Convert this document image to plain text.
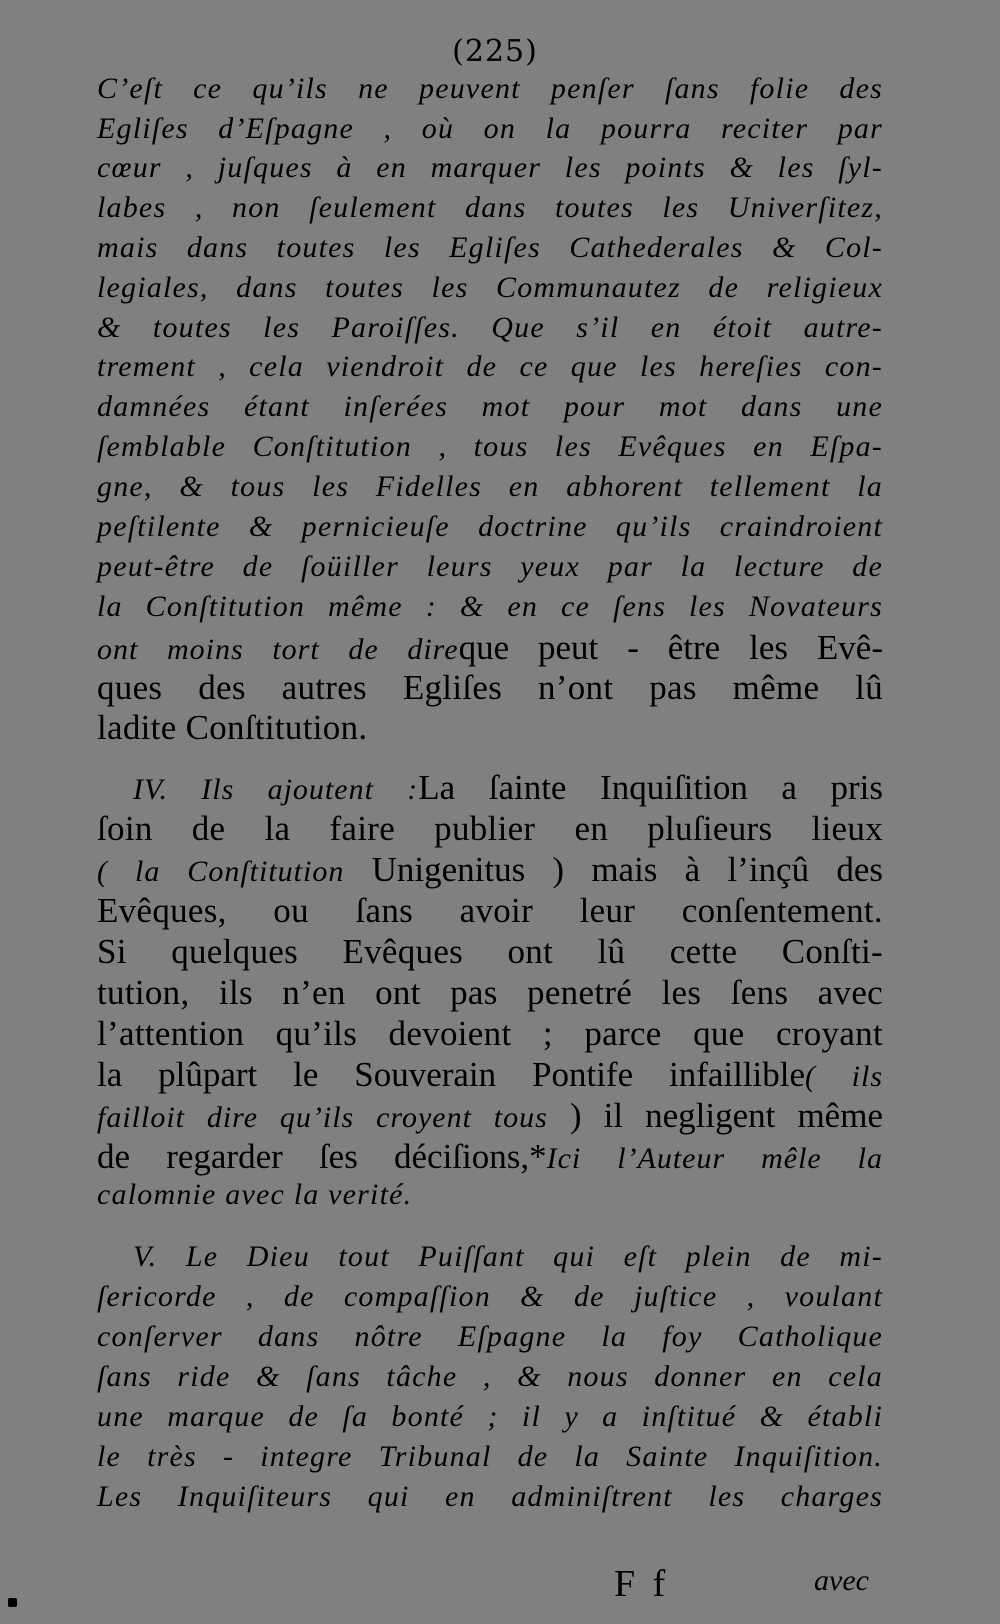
(225)
C’eſt ce qu’ils ne peuvent penſer ſans folie des
Egliſes d’Eſpagne , où on la pourra reciter par
cœur , juſques à en marquer les points & les ſyl-
labes , non ſeulement dans toutes les Univerſitez,
mais dans toutes les Egliſes Cathederales & Col-
legiales, dans toutes les Communautez de religieux
& toutes les Paroiſſes. Que s’il en étoit autre-
trement , cela viendroit de ce que les hereſies con-
damnées étant inſerées mot pour mot dans une
ſemblable Conſtitution , tous les Evêques en Eſpa-
gne, & tous les Fidelles en abhorent tellement la
peſtilente & pernicieuſe doctrine qu’ils craindroient
peut-être de ſoüiller leurs yeux par la lecture de
la Conſtitution même : & en ce ſens les Novateurs
ont moins tort de direque peut - être les Evê-
ques des autres Egliſes n’ont pas même lû
ladite Conſtitution.
IV. Ils ajoutent :La ſainte Inquiſition a pris
ſoin de la faire publier en pluſieurs lieux
( la Conſtitution Unigenitus ) mais à l’inçû des
Evêques, ou ſans avoir leur conſentement.
Si quelques Evêques ont lû cette Conſti-
tution, ils n’en ont pas penetré les ſens avec
l’attention qu’ils devoient ; parce que croyant
la plûpart le Souverain Pontife infaillible( ils
failloit dire qu’ils croyent tous ) il negligent même
de regarder ſes déciſions,*Ici l’Auteur mêle la
calomnie avec la verité.
V. Le Dieu tout Puiſſant qui eſt plein de mi-
ſericorde , de compaſſion & de juſtice , voulant
conſerver dans nôtre Eſpagne la foy Catholique
ſans ride & ſans tâche , & nous donner en cela
une marque de ſa bonté ; il y a inſtitué & établi
le très - integre Tribunal de la Sainte Inquiſition.
Les Inquiſiteurs qui en adminiſtrent les charges
F f	avec
